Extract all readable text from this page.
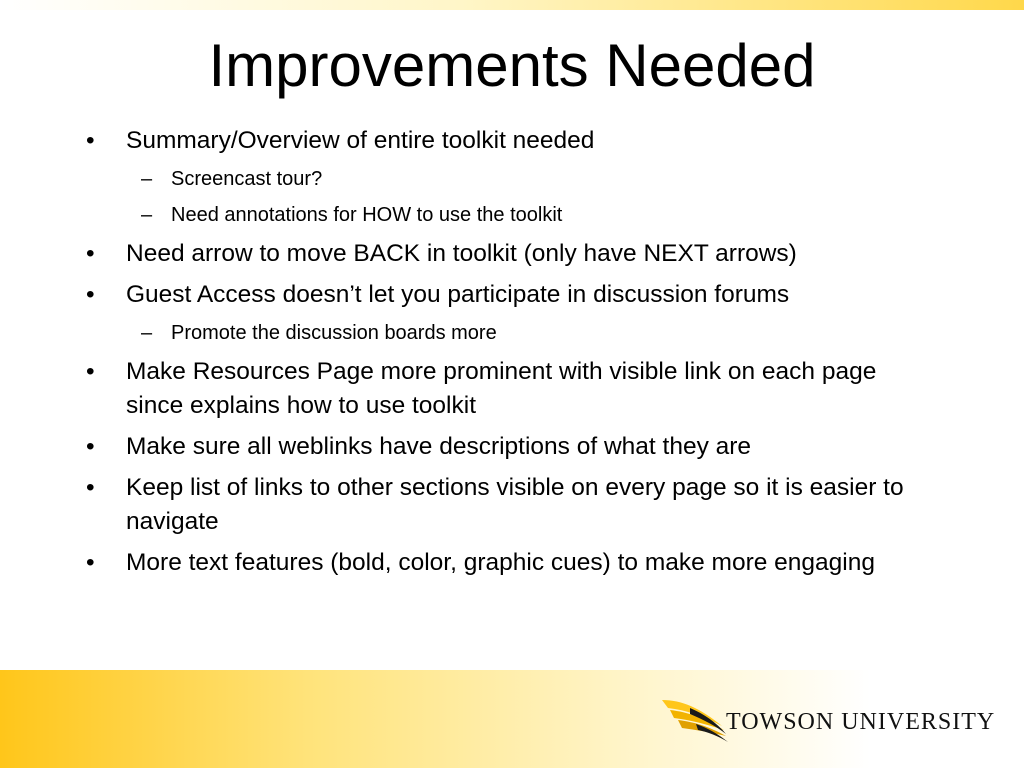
Improvements Needed
• Summary/Overview of entire toolkit needed
– Screencast tour?
– Need annotations for HOW to use the toolkit
• Need arrow to move BACK in toolkit (only have NEXT arrows)
• Guest Access doesn’t let you participate in discussion forums
– Promote the discussion boards more
• Make Resources Page more prominent with visible link on each page since explains how to use toolkit
• Make sure all weblinks have descriptions of what they are
• Keep list of links to other sections visible on every page so it is easier to navigate
• More text features (bold, color, graphic cues) to make more engaging
TOWSON UNIVERSITY
